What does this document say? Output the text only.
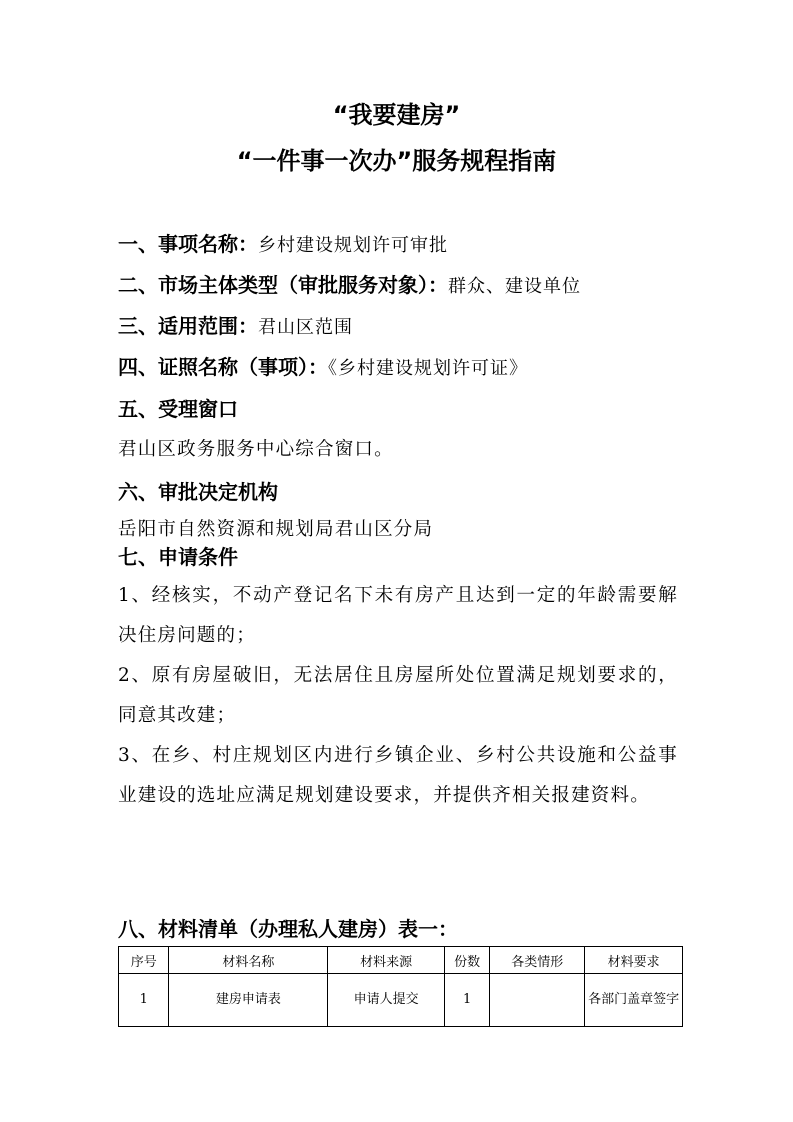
“我要建房”
“一件事一次办”服务规程指南
一、事项名称：乡村建设规划许可审批
二、市场主体类型（审批服务对象）：群众、建设单位
三、适用范围：君山区范围
四、证照名称（事项）：《乡村建设规划许可证》
五、受理窗口
君山区政务服务中心综合窗口。
六、审批决定机构
岳阳市自然资源和规划局君山区分局
七、申请条件
1、经核实，不动产登记名下未有房产且达到一定的年龄需要解决住房问题的；
2、原有房屋破旧，无法居住且房屋所处位置满足规划要求的，同意其改建；
3、在乡、村庄规划区内进行乡镇企业、乡村公共设施和公益事业建设的选址应满足规划建设要求，并提供齐相关报建资料。
八、材料清单（办理私人建房）表一：
序号	材料名称	材料来源	份数	各类情形	材料要求
1	建房申请表	申请人提交	1		各部门盖章签字
